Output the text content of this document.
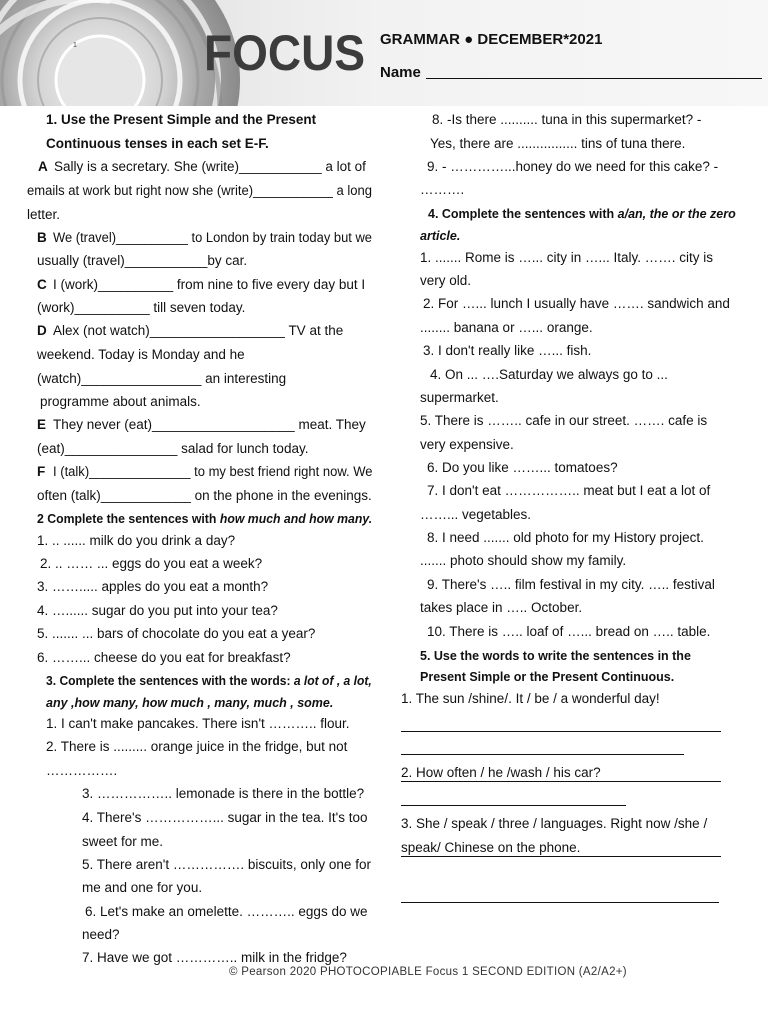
1	FOCUS GRAMMAR ● DECEMBER*2021
Name
1. Use the Present Simple and the Present
Continuous tenses in each set E-F.
A Sally is a secretary. She (write)___________ a lot of
emails at work but right now she (write)___________ a long
letter.
B We (travel)__________ to London by train today but we
usually (travel)___________by car.
C I (work)__________ from nine to five every day but I
(work)__________ till seven today.
D Alex (not watch)__________________ TV at the
weekend. Today is Monday and he
(watch)________________ an interesting
programme about animals.
E They never (eat)___________________ meat. They
(eat)_______________ salad for lunch today.
F I (talk)______________ to my best friend right now. We
often (talk)____________ on the phone in the evenings.
2 Complete the sentences with how much and how many.
1. .. ...... milk do you drink a day?
2. .. …… ... eggs do you eat a week?
3. ……..... apples do you eat a month?
4. …...... sugar do you put into your tea?
5. ....... ... bars of chocolate do you eat a year?
6. ……... cheese do you eat for breakfast?
3. Complete the sentences with the words: a lot of , a lot,
any ,how many, how much , many, much , some.
1. I can't make pancakes. There isn't ……….. flour.
2. There is ......... orange juice in the fridge, but not
…………….
3. …………….. lemonade is there in the bottle?
4. There's ……………... sugar in the tea. It's too
sweet for me.
5. There aren't ……………. biscuits, only one for
me and one for you.
6. Let's make an omelette. ……….. eggs do we
need?
7. Have we got ………….. milk in the fridge?
8. -Is there .......... tuna in this supermarket? -
Yes, there are ................ tins of tuna there.
9. - …………...honey do we need for this cake? -
……….
4. Complete the sentences with a/an, the or the zero
article.
1. ....... Rome is …... city in …... Italy. ……. city is
very old.
2. For …... lunch I usually have ……. sandwich and
........ banana or …... orange.
3. I don't really like …... fish.
4. On ... ….Saturday we always go to ...
supermarket.
5. There is …….. cafe in our street. ……. cafe is
very expensive.
6. Do you like ……... tomatoes?
7. I don't eat …………….. meat but I eat a lot of
……... vegetables.
8. I need ....... old photo for my History project.
....... photo should show my family.
9. There's ….. film festival in my city. ….. festival
takes place in ….. October.
10. There is ….. loaf of …... bread on ….. table.
5. Use the words to write the sentences in the
Present Simple or the Present Continuous.
1. The sun /shine/. It / be / a wonderful day!
2. How often / he /wash / his car?
3. She / speak / three / languages. Right now /she /
speak/ Chinese on the phone.
© Pearson 2020 PHOTOCOPIABLE Focus 1 SECOND EDITION (A2/A2+)
